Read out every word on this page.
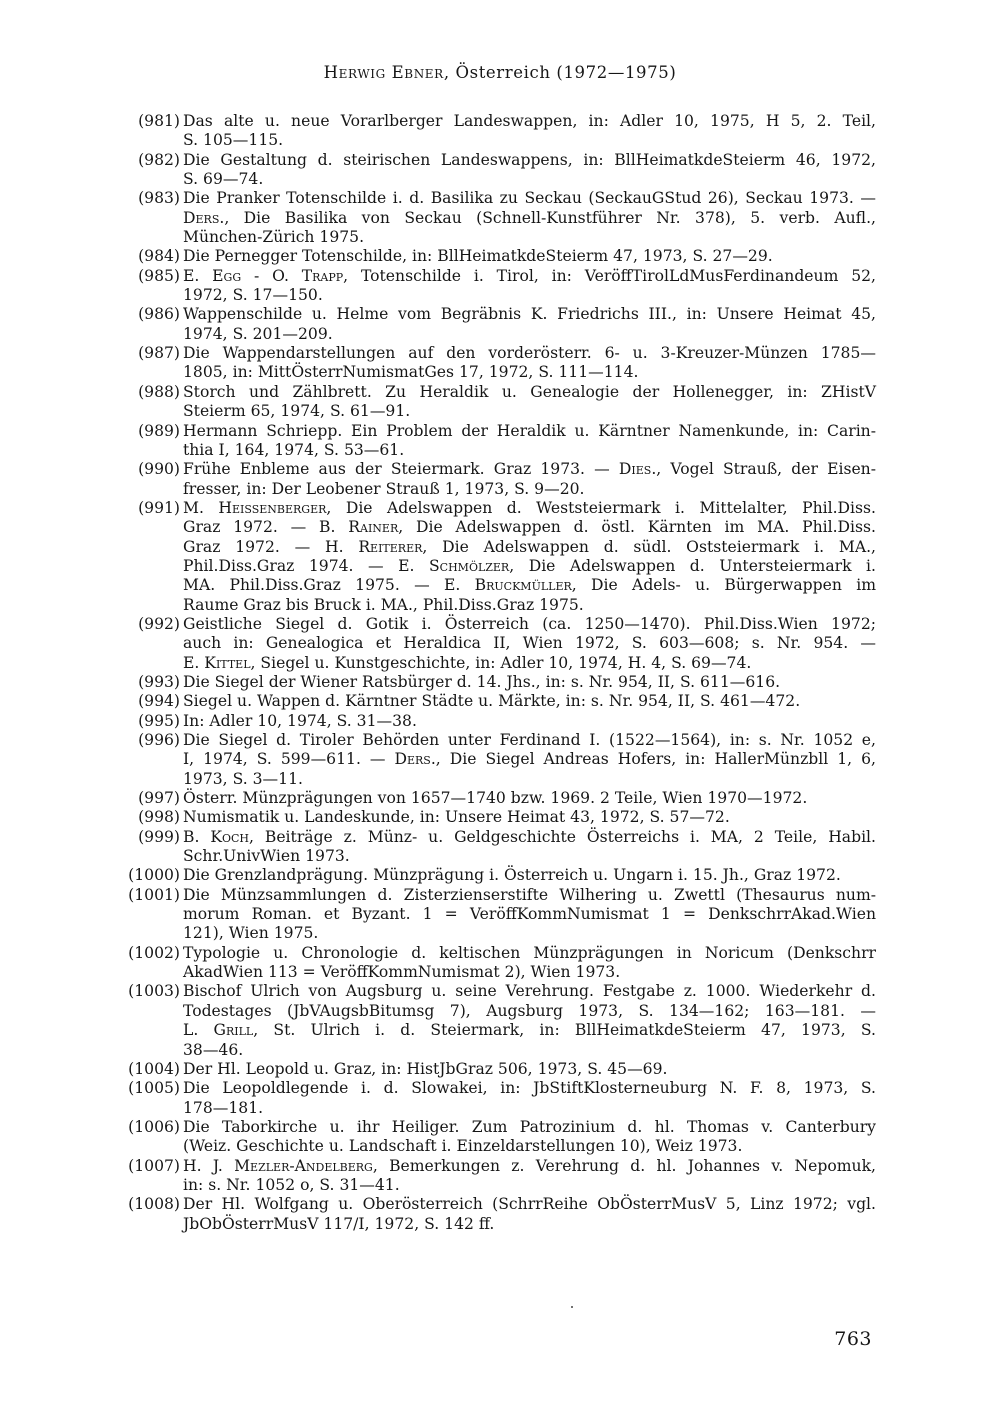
Herwig Ebner, Österreich (1972—1975)
(981) Das alte u. neue Vorarlberger Landeswappen, in: Adler 10, 1975, H 5, 2. Teil,
S. 105—115.
(982) Die Gestaltung d. steirischen Landeswappens, in: BllHeimatkdeSteierm 46, 1972,
S. 69—74.
(983) Die Pranker Totenschilde i. d. Basilika zu Seckau (SeckauGStud 26), Seckau 1973. —
Ders., Die Basilika von Seckau (Schnell-Kunstführer Nr. 378), 5. verb. Aufl.,
München-Zürich 1975.
(984) Die Pernegger Totenschilde, in: BllHeimatkdeSteierm 47, 1973, S. 27—29.
(985) E. Egg - O. Trapp, Totenschilde i. Tirol, in: VeröffTirolLdMusFerdinandeum 52,
1972, S. 17—150.
(986) Wappenschilde u. Helme vom Begräbnis K. Friedrichs III., in: Unsere Heimat 45,
1974, S. 201—209.
(987) Die Wappendarstellungen auf den vorderösterr. 6- u. 3-Kreuzer-Münzen 1785—
1805, in: MittÖsterrNumismatGes 17, 1972, S. 111—114.
(988) Storch und Zählbrett. Zu Heraldik u. Genealogie der Hollenegger, in: ZHistV
Steierm 65, 1974, S. 61—91.
(989) Hermann Schriepp. Ein Problem der Heraldik u. Kärntner Namenkunde, in: Carin-
thia I, 164, 1974, S. 53—61.
(990) Frühe Enbleme aus der Steiermark. Graz 1973. — Dies., Vogel Strauß, der Eisen-
fresser, in: Der Leobener Strauß 1, 1973, S. 9—20.
(991) M. Heissenberger, Die Adelswappen d. Weststeiermark i. Mittelalter, Phil.Diss.
Graz 1972. — B. Rainer, Die Adelswappen d. östl. Kärnten im MA. Phil.Diss.
Graz 1972. — H. Reiterer, Die Adelswappen d. südl. Oststeiermark i. MA.,
Phil.Diss.Graz 1974. — E. Schmölzer, Die Adelswappen d. Untersteiermark i.
MA. Phil.Diss.Graz 1975. — E. Bruckmüller, Die Adels- u. Bürgerwappen im
Raume Graz bis Bruck i. MA., Phil.Diss.Graz 1975.
(992) Geistliche Siegel d. Gotik i. Österreich (ca. 1250—1470). Phil.Diss.Wien 1972;
auch in: Genealogica et Heraldica II, Wien 1972, S. 603—608; s. Nr. 954. —
E. Kittel, Siegel u. Kunstgeschichte, in: Adler 10, 1974, H. 4, S. 69—74.
(993) Die Siegel der Wiener Ratsbürger d. 14. Jhs., in: s. Nr. 954, II, S. 611—616.
(994) Siegel u. Wappen d. Kärntner Städte u. Märkte, in: s. Nr. 954, II, S. 461—472.
(995) In: Adler 10, 1974, S. 31—38.
(996) Die Siegel d. Tiroler Behörden unter Ferdinand I. (1522—1564), in: s. Nr. 1052 e,
I, 1974, S. 599—611. — Ders., Die Siegel Andreas Hofers, in: HallerMünzbll 1, 6,
1973, S. 3—11.
(997) Österr. Münzprägungen von 1657—1740 bzw. 1969. 2 Teile, Wien 1970—1972.
(998) Numismatik u. Landeskunde, in: Unsere Heimat 43, 1972, S. 57—72.
(999) B. Koch, Beiträge z. Münz- u. Geldgeschichte Österreichs i. MA, 2 Teile, Habil.
Schr.UnivWien 1973.
(1000) Die Grenzlandprägung. Münzprägung i. Österreich u. Ungarn i. 15. Jh., Graz 1972.
(1001) Die Münzsammlungen d. Zisterzienserstifte Wilhering u. Zwettl (Thesaurus num-
morum Roman. et Byzant. 1 = VeröffKommNumismat 1 = DenkschrrAkad.Wien
121), Wien 1975.
(1002) Typologie u. Chronologie d. keltischen Münzprägungen in Noricum (Denkschrr
AkadWien 113 = VeröffKommNumismat 2), Wien 1973.
(1003) Bischof Ulrich von Augsburg u. seine Verehrung. Festgabe z. 1000. Wiederkehr d.
Todestages (JbVAugsbBitumsg 7), Augsburg 1973, S. 134—162; 163—181. —
L. Grill, St. Ulrich i. d. Steiermark, in: BllHeimatkdeSteierm 47, 1973, S.
38—46.
(1004) Der Hl. Leopold u. Graz, in: HistJbGraz 506, 1973, S. 45—69.
(1005) Die Leopoldlegende i. d. Slowakei, in: JbStiftKlosterneuburg N. F. 8, 1973, S.
178—181.
(1006) Die Taborkirche u. ihr Heiliger. Zum Patrozinium d. hl. Thomas v. Canterbury
(Weiz. Geschichte u. Landschaft i. Einzeldarstellungen 10), Weiz 1973.
(1007) H. J. Mezler-Andelberg, Bemerkungen z. Verehrung d. hl. Johannes v. Nepomuk,
in: s. Nr. 1052 o, S. 31—41.
(1008) Der Hl. Wolfgang u. Oberösterreich (SchrrReihe ObÖsterrMusV 5, Linz 1972; vgl.
JbObÖsterrMusV 117/I, 1972, S. 142 ff.
763
